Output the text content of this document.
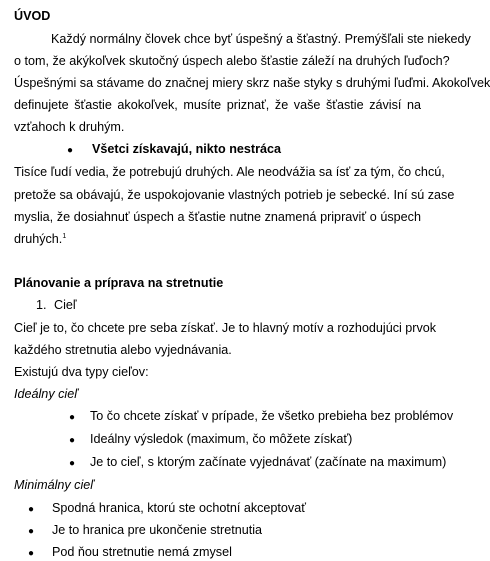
ÚVOD
Každý normálny človek chce byť úspešný a šťastný. Premýšľali ste niekedy
o tom, že akýkoľvek skutočný úspech alebo šťastie záleží na druhých ľuďoch?
Úspešnými sa stávame do značnej miery skrz naše styky s druhými ľuďmi. Akokoľvek
definujete šťastie akokoľvek, musíte priznať, že vaše šťastie závisí na
vzťahoch k druhým.
● Všetci získavajú, nikto nestráca
Tisíce ľudí vedia, že potrebujú druhých. Ale neodvážia sa ísť za tým, čo chcú,
pretože sa obávajú, že uspokojovanie vlastných potrieb je sebecké. Iní sú zase
myslia, že dosiahnuť úspech a šťastie nutne znamená pripraviť o úspech
druhých.$^1$
Plánovanie a príprava na stretnutie
1. Cieľ
Cieľ je to, čo chcete pre seba získať. Je to hlavný motív a rozhodujúci prvok
každého stretnutia alebo vyjednávania.
Existujú dva typy cieľov:
Ideálny cieľ
● To čo chcete získať v prípade, že všetko prebieha bez problémov
● Ideálny výsledok (maximum, čo môžete získať)
● Je to cieľ, s ktorým začínate vyjednávať (začínate na maximum)
Minimálny cieľ
● Spodná hranica, ktorú ste ochotní akceptovať
● Je to hranica pre ukončenie stretnutia
● Pod ňou stretnutie nemá zmysel
